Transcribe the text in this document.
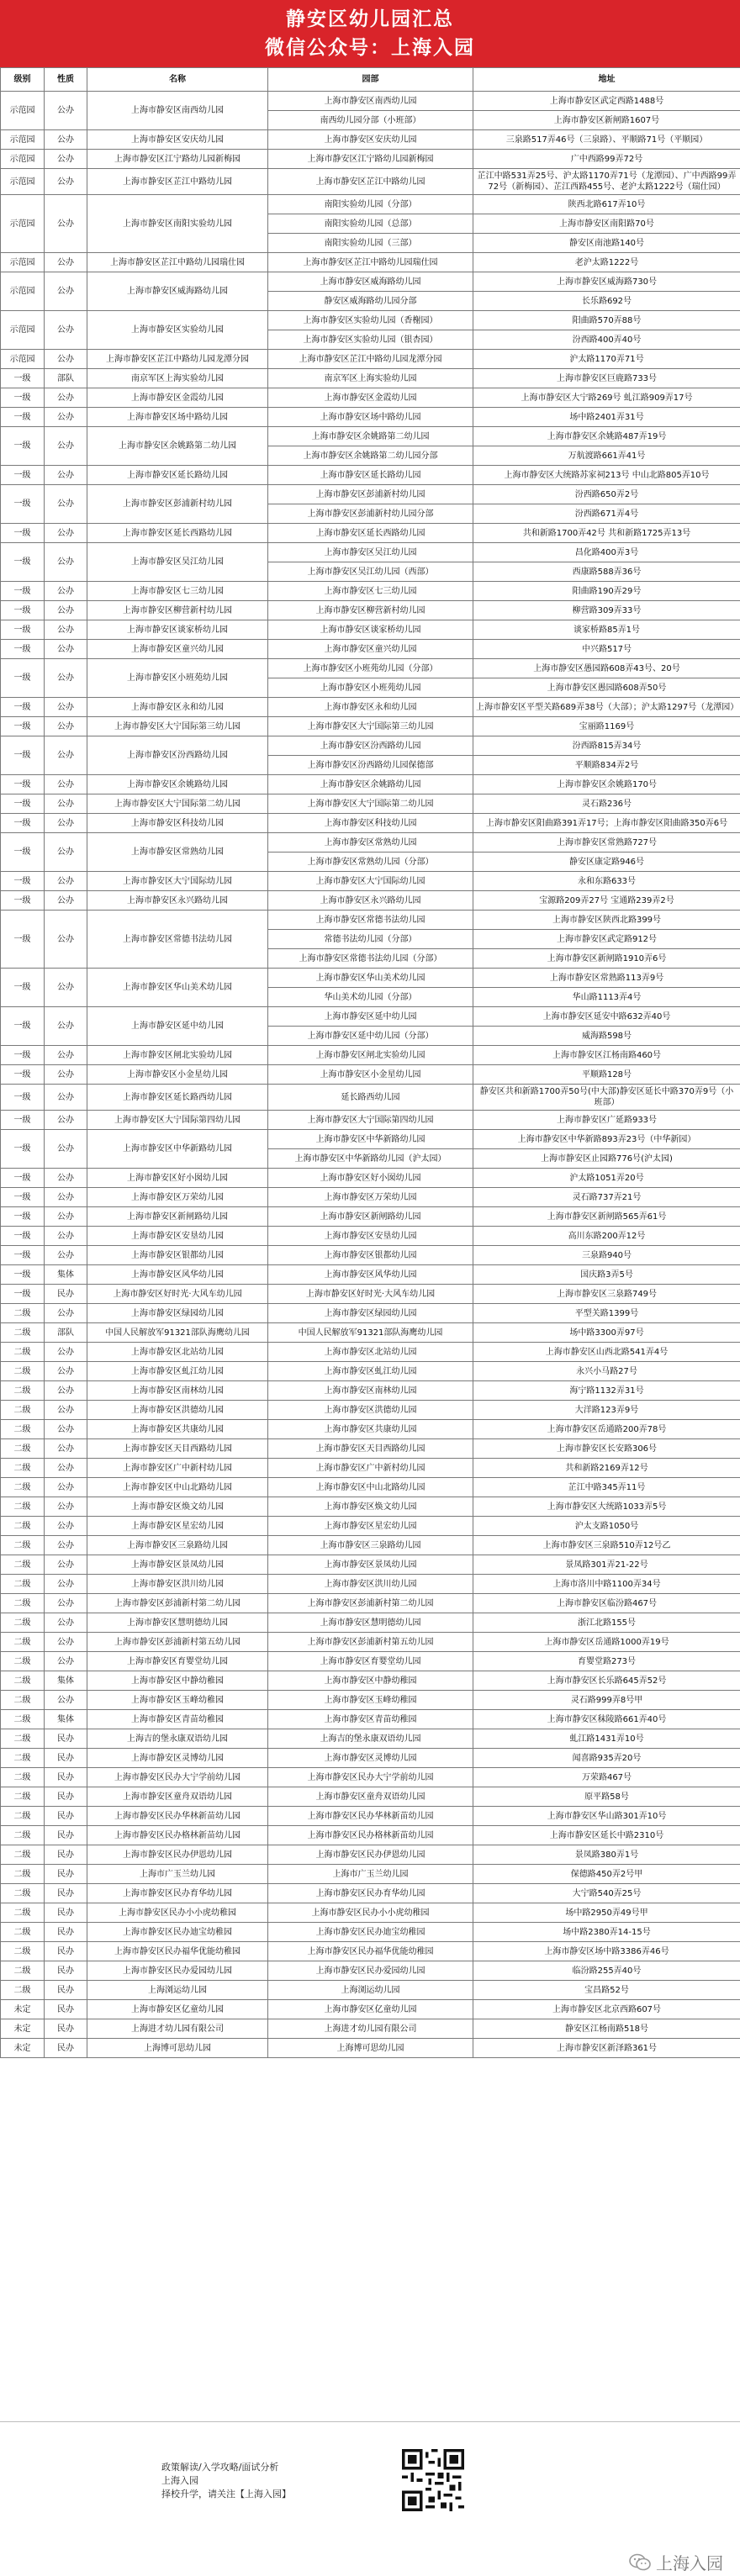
静安区幼儿园汇总
微信公众号：上海入园
级别	性质	名称	园部	地址
示范园	公办	上海市静安区南西幼儿园	上海市静安区南西幼儿园	上海市静安区武定西路1488号
			南西幼儿园分部（小班部）	上海市静安区新闸路1607号
示范园	公办	上海市静安区安庆幼儿园	上海市静安区安庆幼儿园	三泉路517弄46号（三泉路）、平顺路71号（平顺园）
示范园	公办	上海市静安区江宁路幼儿园新梅园	上海市静安区江宁路幼儿园新梅园	广中西路99弄72号
示范园	公办	上海市静安区芷江中路幼儿园	上海市静安区芷江中路幼儿园	芷江中路531弄25号、沪太路1170弄71号（龙潭园）、广中西路99弄72号（新梅园）、芷江西路455号、老沪太路1222号（瑞仕园）
示范园	公办	上海市静安区南阳实验幼儿园	南阳实验幼儿园（分部）	陕西北路617弄10号
			南阳实验幼儿园（总部）	上海市静安区南阳路70号
			南阳实验幼儿园（三部）	静安区南池路140号
示范园	公办	上海市静安区芷江中路幼儿园瑞仕园	上海市静安区芷江中路幼儿园瑞仕园	老沪太路1222号
示范园	公办	上海市静安区威海路幼儿园	上海市静安区威海路幼儿园	上海市静安区威海路730号
			静安区威海路幼儿园分部	长乐路692号
示范园	公办	上海市静安区实验幼儿园	上海市静安区实验幼儿园（香榭园）	阳曲路570弄88号
			上海市静安区实验幼儿园（银杏园）	汾西路400弄40号
示范园	公办	上海市静安区芷江中路幼儿园龙潭分园	上海市静安区芷江中路幼儿园龙潭分园	沪太路1170弄71号
一级	部队	南京军区上海实验幼儿园	南京军区上海实验幼儿园	上海市静安区巨鹿路733号
一级	公办	上海市静安区金霞幼儿园	上海市静安区金霞幼儿园	上海市静安区大宁路269号 虬江路909弄17号
一级	公办	上海市静安区场中路幼儿园	上海市静安区场中路幼儿园	场中路2401弄31号
一级	公办	上海市静安区余姚路第二幼儿园	上海市静安区余姚路第二幼儿园	上海市静安区余姚路487弄19号
			上海市静安区余姚路第二幼儿园分部	万航渡路661弄41号
一级	公办	上海市静安区延长路幼儿园	上海市静安区延长路幼儿园	上海市静安区大统路苏家祠213号 中山北路805弄10号
一级	公办	上海市静安区彭浦新村幼儿园	上海市静安区彭浦新村幼儿园	汾西路650弄2号
			上海市静安区彭浦新村幼儿园分部	汾西路671弄4号
一级	公办	上海市静安区延长西路幼儿园	上海市静安区延长西路幼儿园	共和新路1700弄42号 共和新路1725弄13号
一级	公办	上海市静安区吴江幼儿园	上海市静安区吴江幼儿园	昌化路400弄3号
			上海市静安区吴江幼儿园（西部）	西康路588弄36号
一级	公办	上海市静安区七三幼儿园	上海市静安区七三幼儿园	阳曲路190弄29号
一级	公办	上海市静安区柳营新村幼儿园	上海市静安区柳营新村幼儿园	柳营路309弄33号
一级	公办	上海市静安区谈家桥幼儿园	上海市静安区谈家桥幼儿园	谈家桥路85弄1号
一级	公办	上海市静安区童兴幼儿园	上海市静安区童兴幼儿园	中兴路517号
一级	公办	上海市静安区小班苑幼儿园	上海市静安区小班苑幼儿园（分部）	上海市静安区愚园路608弄43号、20号
			上海市静安区小班苑幼儿园	上海市静安区愚园路608弄50号
一级	公办	上海市静安区永和幼儿园	上海市静安区永和幼儿园	上海市静安区平型关路689弄38号（大部）；沪太路1297号（龙潭园）
一级	公办	上海市静安区大宁国际第三幼儿园	上海市静安区大宁国际第三幼儿园	宝丽路1169号
一级	公办	上海市静安区汾西路幼儿园	上海市静安区汾西路幼儿园	汾西路815弄34号
			上海市静安区汾西路幼儿园保德部	平顺路834弄2号
一级	公办	上海市静安区余姚路幼儿园	上海市静安区余姚路幼儿园	上海市静安区余姚路170号
一级	公办	上海市静安区大宁国际第二幼儿园	上海市静安区大宁国际第二幼儿园	灵石路236号
一级	公办	上海市静安区科技幼儿园	上海市静安区科技幼儿园	上海市静安区阳曲路391弄17号；上海市静安区阳曲路350弄6号
一级	公办	上海市静安区常熟幼儿园	上海市静安区常熟幼儿园	上海市静安区常熟路727号
			上海市静安区常熟幼儿园（分部）	静安区康定路946号
一级	公办	上海市静安区大宁国际幼儿园	上海市静安区大宁国际幼儿园	永和东路633号
一级	公办	上海市静安区永兴路幼儿园	上海市静安区永兴路幼儿园	宝源路209弄27号 宝通路239弄2号
一级	公办	上海市静安区常德书法幼儿园	上海市静安区常德书法幼儿园	上海市静安区陕西北路399号
			常德书法幼儿园（分部）	上海市静安区武定路912号
			上海市静安区常德书法幼儿园（分部）	上海市静安区新闸路1910弄6号
一级	公办	上海市静安区华山美术幼儿园	上海市静安区华山美术幼儿园	上海市静安区常熟路113弄9号
			华山美术幼儿园（分部）	华山路1113弄4号
一级	公办	上海市静安区延中幼儿园	上海市静安区延中幼儿园	上海市静安区延安中路632弄40号
			上海市静安区延中幼儿园（分部）	威海路598号
一级	公办	上海市静安区闸北实验幼儿园	上海市静安区闸北实验幼儿园	上海市静安区江杨南路460号
一级	公办	上海市静安区小金星幼儿园	上海市静安区小金星幼儿园	平顺路128号
一级	公办	上海市静安区延长路西幼儿园	延长路西幼儿园	静安区共和新路1700弄50号(中大部)静安区延长中路370弄9号（小班部）
一级	公办	上海市静安区大宁国际第四幼儿园	上海市静安区大宁国际第四幼儿园	上海市静安区广延路933号
一级	公办	上海市静安区中华新路幼儿园	上海市静安区中华新路幼儿园	上海市静安区中华新路893弄23号（中华新园）
			上海市静安区中华新路幼儿园（沪太园）	上海市静安区止园路776号(沪太园)
一级	公办	上海市静安区好小囡幼儿园	上海市静安区好小囡幼儿园	沪太路1051弄20号
一级	公办	上海市静安区万荣幼儿园	上海市静安区万荣幼儿园	灵石路737弄21号
一级	公办	上海市静安区新闸路幼儿园	上海市静安区新闸路幼儿园	上海市静安区新闸路565弄61号
一级	公办	上海市静安区安垦幼儿园	上海市静安区安垦幼儿园	高川东路200弄12号
一级	公办	上海市静安区银都幼儿园	上海市静安区银都幼儿园	三泉路940号
一级	集体	上海市静安区风华幼儿园	上海市静安区风华幼儿园	国庆路3弄5号
一级	民办	上海市静安区好时光·大风车幼儿园	上海市静安区好时光·大风车幼儿园	上海市静安区三泉路749号
二级	公办	上海市静安区绿园幼儿园	上海市静安区绿园幼儿园	平型关路1399号
二级	部队	中国人民解放军91321部队海鹰幼儿园	中国人民解放军91321部队海鹰幼儿园	场中路3300弄97号
二级	公办	上海市静安区北站幼儿园	上海市静安区北站幼儿园	上海市静安区山西北路541弄4号
二级	公办	上海市静安区虬江幼儿园	上海市静安区虬江幼儿园	永兴小马路27号
二级	公办	上海市静安区南林幼儿园	上海市静安区南林幼儿园	海宁路1132弄31号
二级	公办	上海市静安区洪德幼儿园	上海市静安区洪德幼儿园	大洋路123弄9号
二级	公办	上海市静安区共康幼儿园	上海市静安区共康幼儿园	上海市静安区岳通路200弄78号
二级	公办	上海市静安区天目西路幼儿园	上海市静安区天目西路幼儿园	上海市静安区长安路306号
二级	公办	上海市静安区广中新村幼儿园	上海市静安区广中新村幼儿园	共和新路2169弄12号
二级	公办	上海市静安区中山北路幼儿园	上海市静安区中山北路幼儿园	芷江中路345弄11号
二级	公办	上海市静安区焕文幼儿园	上海市静安区焕文幼儿园	上海市静安区大统路1033弄5号
二级	公办	上海市静安区星宏幼儿园	上海市静安区星宏幼儿园	沪太支路1050号
二级	公办	上海市静安区三泉路幼儿园	上海市静安区三泉路幼儿园	上海市静安区三泉路510弄12号乙
二级	公办	上海市静安区景凤幼儿园	上海市静安区景凤幼儿园	景凤路301弄21-22号
二级	公办	上海市静安区洪川幼儿园	上海市静安区洪川幼儿园	上海市洛川中路1100弄34号
二级	公办	上海市静安区彭浦新村第二幼儿园	上海市静安区彭浦新村第二幼儿园	上海市静安区临汾路467号
二级	公办	上海市静安区慧明德幼儿园	上海市静安区慧明德幼儿园	浙江北路155号
二级	公办	上海市静安区彭浦新村第五幼儿园	上海市静安区彭浦新村第五幼儿园	上海市静安区岳通路1000弄19号
二级	公办	上海市静安区育婴堂幼儿园	上海市静安区育婴堂幼儿园	育婴堂路273号
二级	集体	上海市静安区中静幼稚园	上海市静安区中静幼稚园	上海市静安区长乐路645弄52号
二级	公办	上海市静安区玉峰幼稚园	上海市静安区玉峰幼稚园	灵石路999弄8号甲
二级	集体	上海市静安区青苗幼稚园	上海市静安区青苗幼稚园	上海市静安区秣陵路661弄40号
二级	民办	上海吉的堡永康双语幼儿园	上海吉的堡永康双语幼儿园	虬江路1431弄10号
二级	民办	上海市静安区灵博幼儿园	上海市静安区灵博幼儿园	闻喜路935弄20号
二级	民办	上海市静安区民办大宁学前幼儿园	上海市静安区民办大宁学前幼儿园	万荣路467号
二级	民办	上海市静安区童舟双语幼儿园	上海市静安区童舟双语幼儿园	原平路58号
二级	民办	上海市静安区民办华林新苗幼儿园	上海市静安区民办华林新苗幼儿园	上海市静安区华山路301弄10号
二级	民办	上海市静安区民办格林新苗幼儿园	上海市静安区民办格林新苗幼儿园	上海市静安区延长中路2310号
二级	民办	上海市静安区民办伊恩幼儿园	上海市静安区民办伊恩幼儿园	景凤路380弄1号
二级	民办	上海市广玉兰幼儿园	上海市广玉兰幼儿园	保德路450弄2号甲
二级	民办	上海市静安区民办育华幼儿园	上海市静安区民办育华幼儿园	大宁路540弄25号
二级	民办	上海市静安区民办小小虎幼稚园	上海市静安区民办小小虎幼稚园	场中路2950弄49号甲
二级	民办	上海市静安区民办迪宝幼稚园	上海市静安区民办迪宝幼稚园	场中路2380弄14-15号
二级	民办	上海市静安区民办福华优能幼稚园	上海市静安区民办福华优能幼稚园	上海市静安区场中路3386弄46号
二级	民办	上海市静安区民办爱园幼儿园	上海市静安区民办爱园幼儿园	临汾路255弄40号
二级	民办	上海浏运幼儿园	上海浏运幼儿园	宝昌路52号
未定	民办	上海市静安区亿童幼儿园	上海市静安区亿童幼儿园	上海市静安区北京西路607号
未定	民办	上海进才幼儿园有限公司	上海进才幼儿园有限公司	静安区江杨南路518号
未定	民办	上海博可思幼儿园	上海博可思幼儿园	上海市静安区新泽路361号
政策解读/入学攻略/面试分析
上海入园
择校升学，请关注【上海入园】
上海入园
